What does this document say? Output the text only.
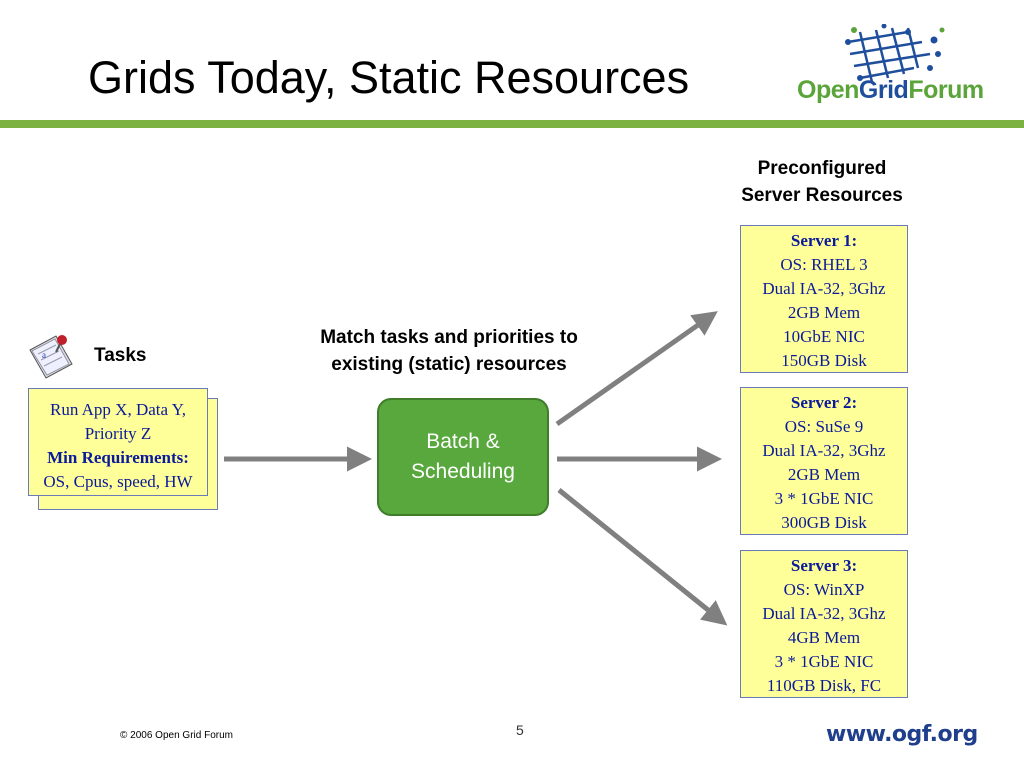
Grids Today, Static Resources	OpenGridForum
a	Tasks
Run App X, Data Y,
Priority Z
Min Requirements:
OS, Cpus, speed, HW
Match tasks and priorities to
existing (static) resources
Batch &
Scheduling
Preconfigured
Server Resources
Server 1:
OS: RHEL 3
Dual IA-32, 3Ghz
2GB Mem
10GbE NIC
150GB Disk
Server 2:
OS: SuSe 9
Dual IA-32, 3Ghz
2GB Mem
3 * 1GbE NIC
300GB Disk
Server 3:
OS: WinXP
Dual IA-32, 3Ghz
4GB Mem
3 * 1GbE NIC
110GB Disk, FC
© 2006 Open Grid Forum	5	www.ogf.org
